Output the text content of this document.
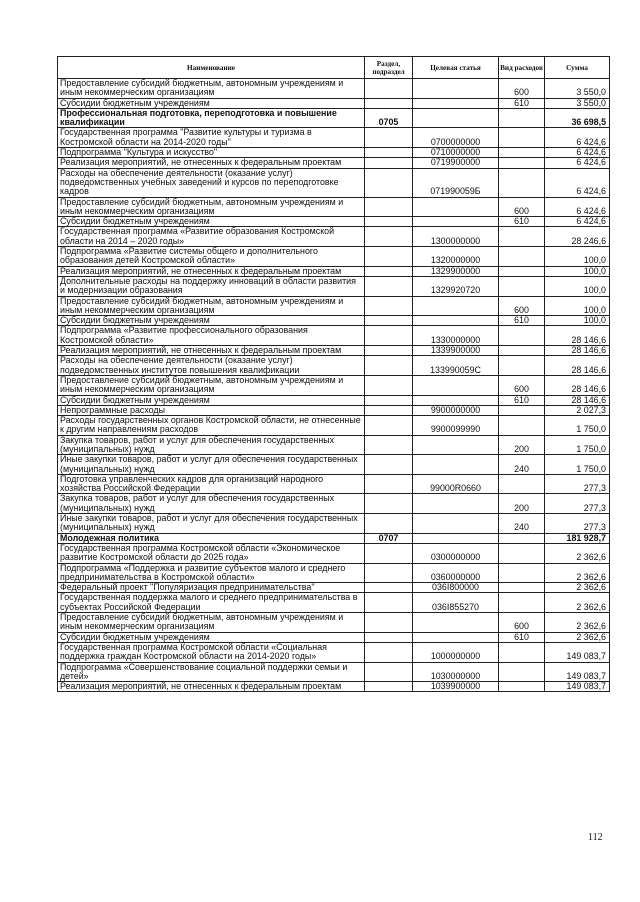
Наименование	Раздел, подраздел	Целевая статья	Вид расходов	Сумма
Предоставление субсидий бюджетным, автономным учреждениям и иным некоммерческим организациям			600	3 550,0
Субсидии бюджетным учреждениям			610	3 550,0
Профессиональная подготовка, переподготовка и повышение квалификации	0705			36 698,5
Государственная программа "Развитие культуры и туризма в Костромской области на 2014-2020 годы"		0700000000		6 424,6
Подпрограмма "Культура и искусство"		0710000000		6 424,6
Реализация мероприятий, не отнесенных к федеральным проектам		0719900000		6 424,6
Расходы на обеспечение деятельности (оказание услуг) подведомственных учебных заведений и курсов по переподготовке кадров		071990059Б		6 424,6
Предоставление субсидий бюджетным, автономным учреждениям и иным некоммерческим организациям			600	6 424,6
Субсидии бюджетным учреждениям			610	6 424,6
Государственная программа «Развитие образования Костромской области на 2014 – 2020 годы»		1300000000		28 246,6
Подпрограмма «Развитие системы общего и дополнительного образования детей Костромской области»		1320000000		100,0
Реализация мероприятий, не отнесенных к федеральным проектам		1329900000		100,0
Дополнительные расходы на поддержку инноваций в области развития и модернизации образования		1329920720		100,0
Предоставление субсидий бюджетным, автономным учреждениям и иным некоммерческим организациям			600	100,0
Субсидии бюджетным учреждениям			610	100,0
Подпрограмма «Развитие профессионального образования Костромской области»		1330000000		28 146,6
Реализация мероприятий, не отнесенных к федеральным проектам		1339900000		28 146,6
Расходы на обеспечение деятельности (оказание услуг) подведомственных институтов повышения квалификации		133990059С		28 146,6
Предоставление субсидий бюджетным, автономным учреждениям и иным некоммерческим организациям			600	28 146,6
Субсидии бюджетным учреждениям			610	28 146,6
Непрограммные расходы		9900000000		2 027,3
Расходы государственных органов Костромской области, не отнесенные к другим направлениям расходов		9900099990		1 750,0
Закупка товаров, работ и услуг для обеспечения государственных (муниципальных) нужд			200	1 750,0
Иные закупки товаров, работ и услуг для обеспечения государственных (муниципальных) нужд			240	1 750,0
Подготовка управленческих кадров для организаций народного хозяйства Российской Федерации		99000R0660		277,3
Закупка товаров, работ и услуг для обеспечения государственных (муниципальных) нужд			200	277,3
Иные закупки товаров, работ и услуг для обеспечения государственных (муниципальных) нужд			240	277,3
Молодежная политика	0707			181 928,7
Государственная программа Костромской области «Экономическое развитие Костромской области до 2025 года»		0300000000		2 362,6
Подпрограмма «Поддержка и развитие субъектов малого и среднего предпринимательства в Костромской области»		0360000000		2 362,6
Федеральный проект "Популяризация предпринимательства"		036I800000		2 362,6
Государственная поддержка малого и среднего предпринимательства в субъектах Российской Федерации		036I855270		2 362,6
Предоставление субсидий бюджетным, автономным учреждениям и иным некоммерческим организациям			600	2 362,6
Субсидии бюджетным учреждениям			610	2 362,6
Государственная программа Костромской области «Социальная поддержка граждан Костромской области на 2014-2020 годы»		1000000000		149 083,7
Подпрограмма «Совершенствование социальной поддержки семьи и детей»		1030000000		149 083,7
Реализация мероприятий, не отнесенных к федеральным проектам		1039900000		149 083,7
112
